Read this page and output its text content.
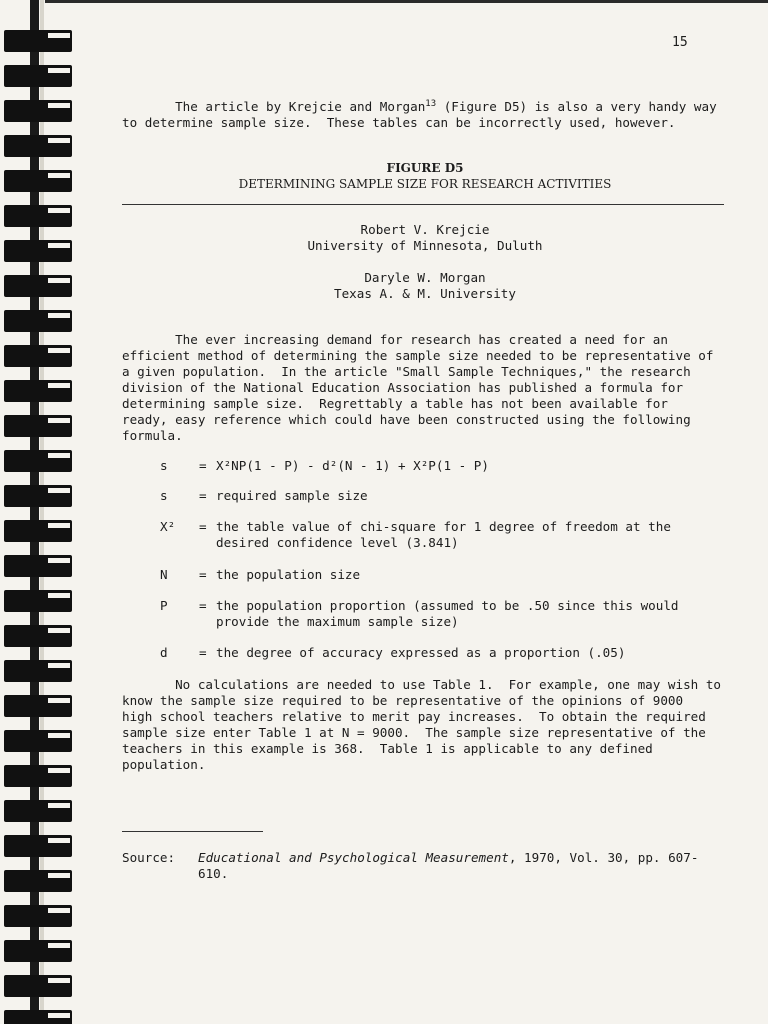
15

The article by Krejcie and Morgan$^{13}$ (Figure D5) is also a very handy way
to determine sample size.  These tables can be incorrectly used, however.

FIGURE D5
DETERMINING SAMPLE SIZE FOR RESEARCH ACTIVITIES
Robert V. Krejcie
University of Minnesota, Duluth
Daryle W. Morgan
Texas A. & M. University

The ever increasing demand for research has created a need for an
efficient method of determining the sample size needed to be representative of
a given population.  In the article "Small Sample Techniques," the research
division of the National Education Association has published a formula for
determining sample size.  Regrettably a table has not been available for
ready, easy reference which could have been constructed using the following
formula.

s = X²NP(1 - P) - d²(N - 1) + X²P(1 - P)
s = required sample size
X² = the table value of chi-square for 1 degree of freedom at the
desired confidence level (3.841)
N = the population size
P = the population proportion (assumed to be .50 since this would
provide the maximum sample size)
d = the degree of accuracy expressed as a proportion (.05)

No calculations are needed to use Table 1.  For example, one may wish to
know the sample size required to be representative of the opinions of 9000
high school teachers relative to merit pay increases.  To obtain the required
sample size enter Table 1 at N = 9000.  The sample size representative of the
teachers in this example is 368.  Table 1 is applicable to any defined
population.

Source: Educational and Psychological Measurement, 1970, Vol. 30, pp. 607-
610.
